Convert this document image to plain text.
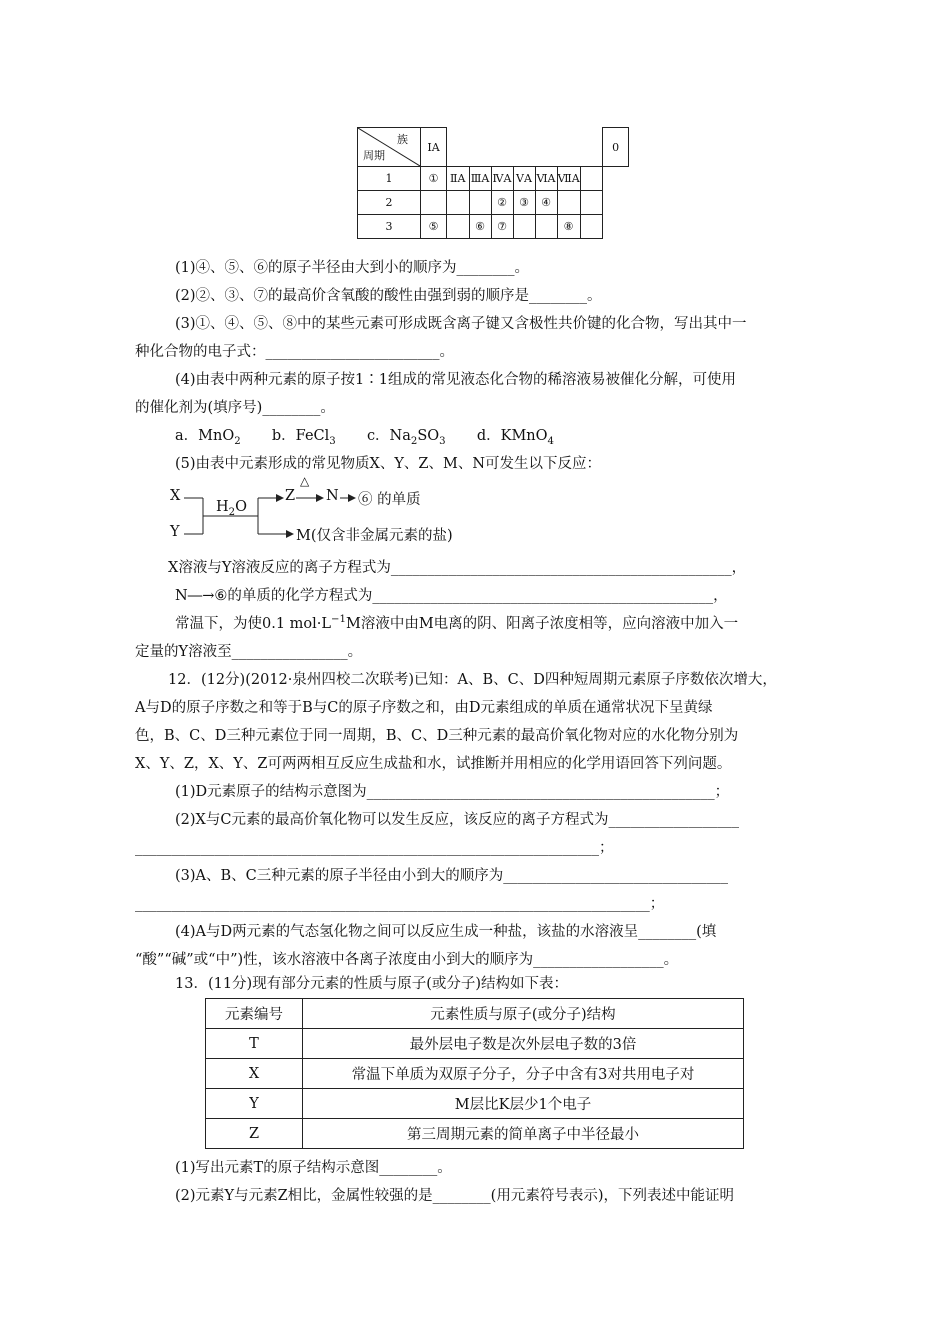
族
周期	ⅠA								0
1	①	ⅡA	ⅢA	ⅣA	ⅤA	ⅥA	ⅦA		
2				②	③	④			
3	⑤		⑥	⑦			⑧		
(1)④、⑤、⑥的原子半径由大到小的顺序为________。
(2)②、③、⑦的最高价含氧酸的酸性由强到弱的顺序是________。
(3)①、④、⑤、⑧中的某些元素可形成既含离子键又含极性共价键的化合物，写出其中一
种化合物的电子式：________________________。
(4)由表中两种元素的原子按1∶1组成的常见液态化合物的稀溶液易被催化分解，可使用
的催化剂为(填序号)________。
a．MnO$_2$ b．FeCl$_3$ c．$Na_2SO_3$ d．KMnO$_4$
(5)由表中元素形成的常见物质X、Y、Z、M、N可发生以下反应：
X
Y
$H_2O$
△
Z N ⑥ 的单质
M(仅含非金属元素的盐)
X溶液与Y溶液反应的离子方程式为_______________________________________________，
N―→⑥的单质的化学方程式为_______________________________________________，
常温下，为使0.1 $mol\cdot L^{-1}M$溶液中由M电离的阴、阳离子浓度相等，应向溶液中加入一
定量的Y溶液至________________。
12．(12分)(2012·泉州四校二次联考)已知：A、B、C、D四种短周期元素原子序数依次增大，
A与D的原子序数之和等于B与C的原子序数之和，由D元素组成的单质在通常状况下呈黄绿
色，B、C、D三种元素位于同一周期，B、C、D三种元素的最高价氧化物对应的水化物分别为
X、Y、Z，X、Y、Z可两两相互反应生成盐和水，试推断并用相应的化学用语回答下列问题。
(1)D元素原子的结构示意图为________________________________________________；
(2)X与C元素的最高价氧化物可以发生反应，该反应的离子方程式为__________________
________________________________________________________________；
(3)A、B、C三种元素的原子半径由小到大的顺序为_______________________________
_______________________________________________________________________；
(4)A与D两元素的气态氢化物之间可以反应生成一种盐，该盐的水溶液呈________(填
“酸”“碱”或“中”)性，该水溶液中各离子浓度由小到大的顺序为__________________。
13．(11分)现有部分元素的性质与原子(或分子)结构如下表：
元素编号	元素性质与原子(或分子)结构
T	最外层电子数是次外层电子数的3倍
X	常温下单质为双原子分子，分子中含有3对共用电子对
Y	M层比K层少1个电子
Z	第三周期元素的简单离子中半径最小
(1)写出元素T的原子结构示意图________。
(2)元素Y与元素Z相比，金属性较强的是________(用元素符号表示)，下列表述中能证明
